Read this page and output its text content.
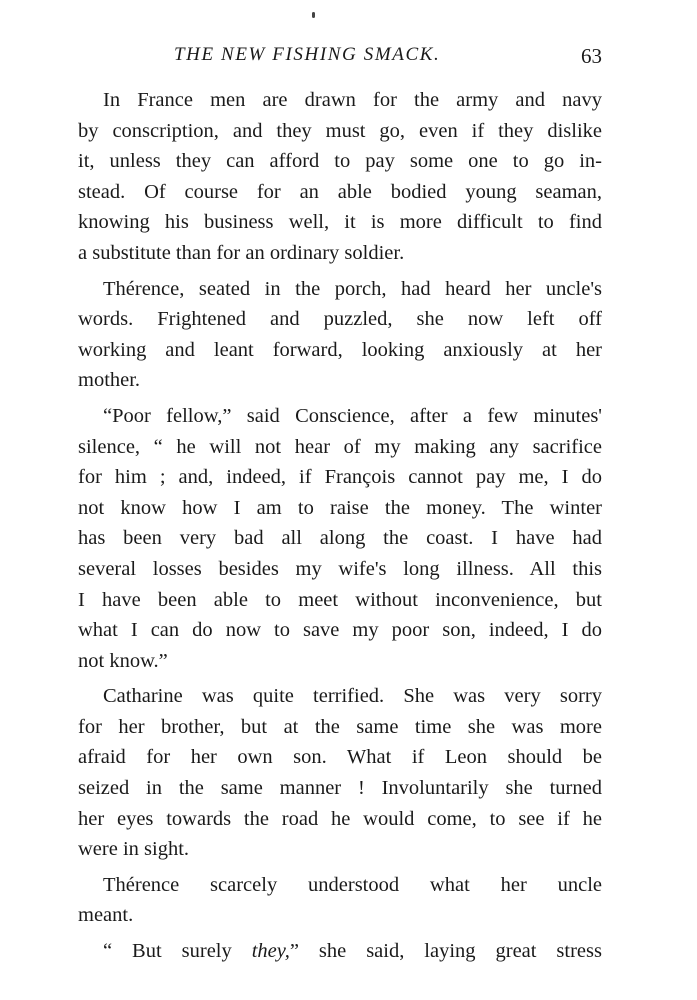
THE NEW FISHING SMACK.	63
In France men are drawn for the army and navy
by conscription, and they must go, even if they dislike
it, unless they can afford to pay some one to go in-
stead. Of course for an able bodied young seaman,
knowing his business well, it is more difficult to find
a substitute than for an ordinary soldier.
Thérence, seated in the porch, had heard her uncle's
words. Frightened and puzzled, she now left off
working and leant forward, looking anxiously at her
mother.
“Poor fellow,” said Conscience, after a few minutes'
silence, “ he will not hear of my making any sacrifice
for him ; and, indeed, if François cannot pay me, I do
not know how I am to raise the money. The winter
has been very bad all along the coast. I have had
several losses besides my wife's long illness. All this
I have been able to meet without inconvenience, but
what I can do now to save my poor son, indeed, I do
not know.”
Catharine was quite terrified. She was very sorry
for her brother, but at the same time she was more
afraid for her own son. What if Leon should be
seized in the same manner ! Involuntarily she turned
her eyes towards the road he would come, to see if he
were in sight.
Thérence scarcely understood what her uncle
meant.
“ But surely they,” she said, laying great stress
